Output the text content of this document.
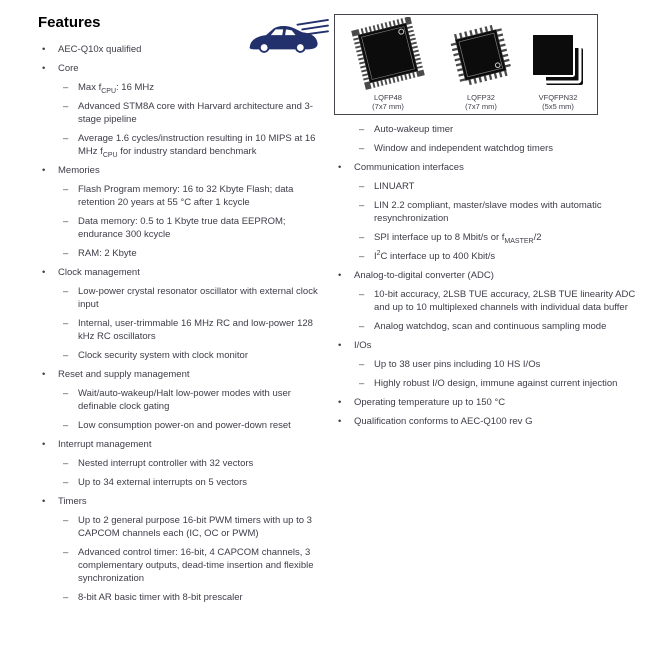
Features
• AEC-Q10x qualified
• Core
– Max $f_{CPU}$: 16 MHz
– Advanced STM8A core with Harvard architecture and 3-stage pipeline
– Average 1.6 cycles/instruction resulting in 10 MIPS at 16 MHz $f_{CPU}$ for industry standard benchmark
• Memories
– Flash Program memory: 16 to 32 Kbyte Flash; data retention 20 years at 55 °C after 1 kcycle
– Data memory: 0.5 to 1 Kbyte true data EEPROM; endurance 300 kcycle
– RAM: 2 Kbyte
• Clock management
– Low-power crystal resonator oscillator with external clock input
– Internal, user-trimmable 16 MHz RC and low-power 128 kHz RC oscillators
– Clock security system with clock monitor
• Reset and supply management
– Wait/auto-wakeup/Halt low-power modes with user definable clock gating
– Low consumption power-on and power-down reset
• Interrupt management
– Nested interrupt controller with 32 vectors
– Up to 34 external interrupts on 5 vectors
• Timers
– Up to 2 general purpose 16-bit PWM timers with up to 3 CAPCOM channels each (IC, OC or PWM)
– Advanced control timer: 16-bit, 4 CAPCOM channels, 3 complementary outputs, dead-time insertion and flexible synchronization
– 8-bit AR basic timer with 8-bit prescaler
LQFP48
(7x7 mm)
LQFP32
(7x7 mm)
VFQFPN32
(5x5 mm)
– Auto-wakeup timer
– Window and independent watchdog timers
• Communication interfaces
– LINUART
– LIN 2.2 compliant, master/slave modes with automatic resynchronization
– SPI interface up to 8 Mbit/s or $f_{MASTER}/2$
– $I^2C$ interface up to 400 Kbit/s
• Analog-to-digital converter (ADC)
– 10-bit accuracy, 2LSB TUE accuracy, 2LSB TUE linearity ADC and up to 10 multiplexed channels with individual data buffer
– Analog watchdog, scan and continuous sampling mode
• I/Os
– Up to 38 user pins including 10 HS I/Os
– Highly robust I/O design, immune against current injection
• Operating temperature up to 150 °C
• Qualification conforms to AEC-Q100 rev G
